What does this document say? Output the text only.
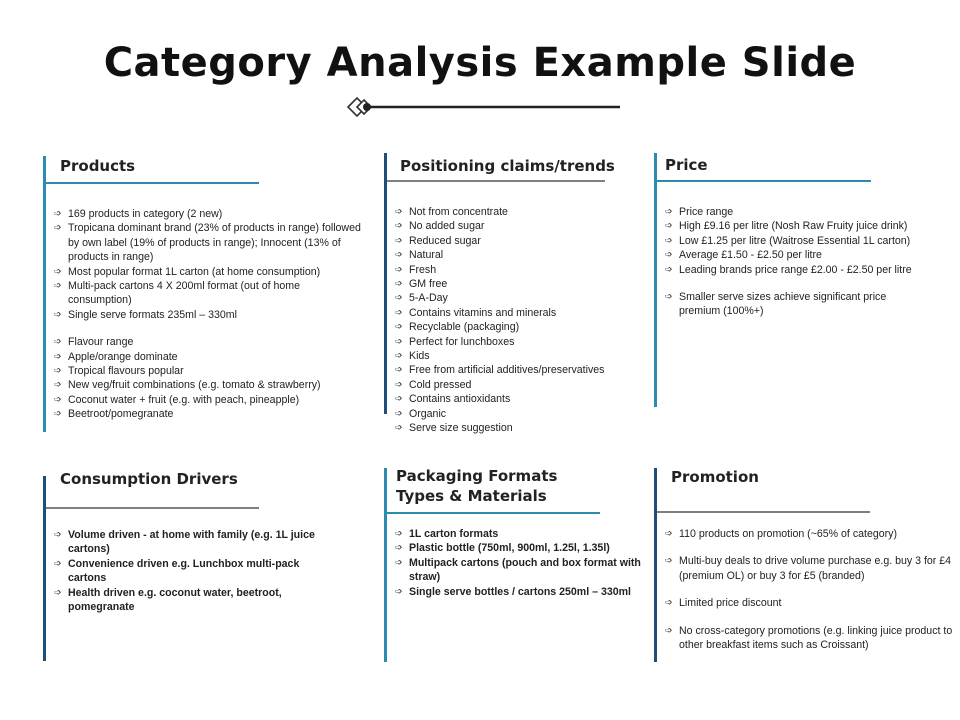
Category Analysis Example Slide
Products
➩ 169 products in category (2 new)
➩ Tropicana dominant brand (23% of products in range) followed by own label (19% of products in range); Innocent (13% of products in range)
➩ Most popular format 1L carton (at home consumption)
➩ Multi-pack cartons 4 X 200ml format (out of home consumption)
➩ Single serve formats 235ml – 330ml
➩ Flavour range
➩ Apple/orange dominate
➩ Tropical flavours popular
➩ New veg/fruit combinations (e.g. tomato & strawberry)
➩ Coconut water + fruit (e.g. with peach, pineapple)
➩ Beetroot/pomegranate
Positioning claims/trends
➩ Not from concentrate
➩ No added sugar
➩ Reduced sugar
➩ Natural
➩ Fresh
➩ GM free
➩ 5-A-Day
➩ Contains vitamins and minerals
➩ Recyclable (packaging)
➩ Perfect for lunchboxes
➩ Kids
➩ Free from artificial additives/preservatives
➩ Cold pressed
➩ Contains antioxidants
➩ Organic
➩ Serve size suggestion
Price
➩ Price range
➩ High £9.16 per litre (Nosh Raw Fruity juice drink)
➩ Low £1.25 per litre (Waitrose Essential 1L carton)
➩ Average £1.50 - £2.50 per litre
➩ Leading brands price range £2.00 - £2.50 per litre
➩ Smaller serve sizes achieve significant price premium (100%+)
Consumption Drivers
➩ Volume driven - at home with family (e.g. 1L juice cartons)
➩ Convenience driven e.g. Lunchbox multi-pack cartons
➩ Health driven e.g. coconut water, beetroot, pomegranate
Packaging Formats
Types & Materials
➩ 1L carton formats
➩ Plastic bottle (750ml, 900ml, 1.25l, 1.35l)
➩ Multipack cartons (pouch and box format with straw)
➩ Single serve bottles / cartons 250ml – 330ml
Promotion
➩ 110 products on promotion (~65% of category)
➩ Multi-buy deals to drive volume purchase e.g. buy 3 for £4 (premium OL) or buy 3 for £5 (branded)
➩ Limited price discount
➩ No cross-category promotions (e.g. linking juice product to other breakfast items such as Croissant)
